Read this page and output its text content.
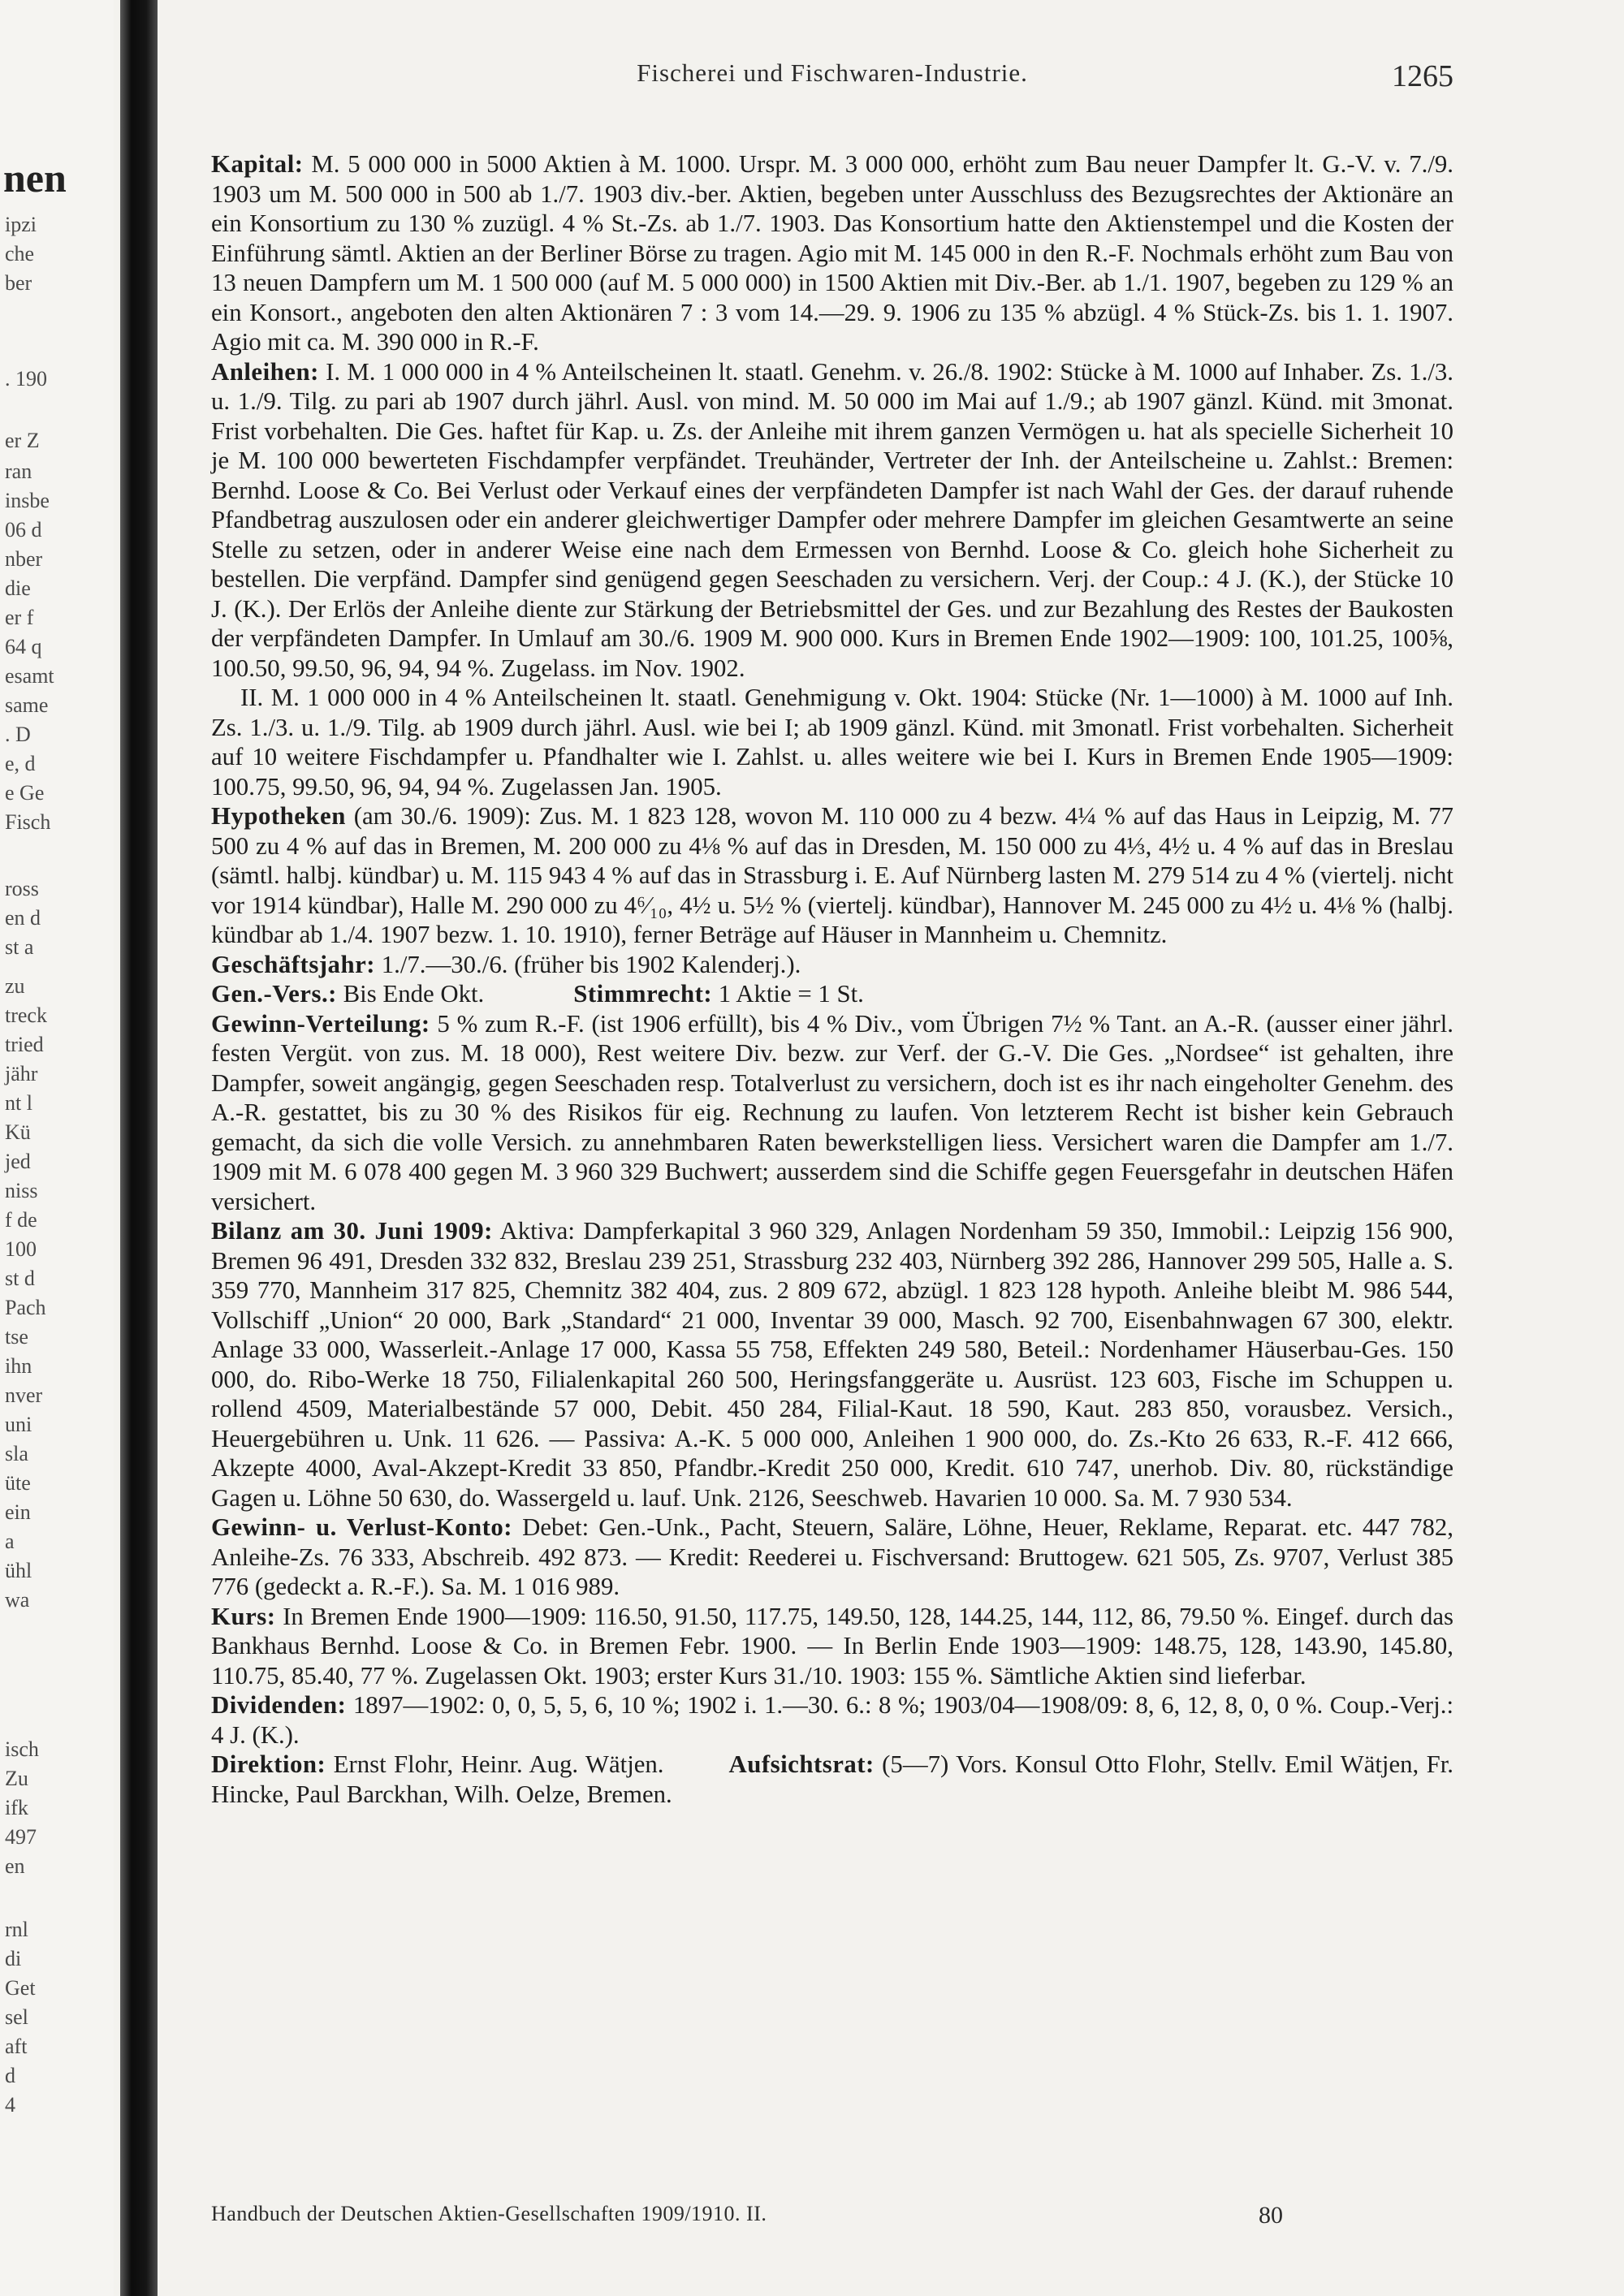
nen
ipzi
che
ber
. 190
er Z
ran
insbe
06 d
nber
die
er f
64 q
esamt
same
. D
e, d
e Ge
Fisch
ross
en d
st a
zu
treck
tried
jähr
nt l
Kü
jed
niss
f de
100
st d
Pach
tse
ihn
nver
uni
sla
üte
ein
a
ühl
wa
isch
Zu
ifk
497
en
rnl
di
Get
sel
aft
d
4
Fischerei und Fischwaren-Industrie.	1265

Kapital: M. 5 000 000 in 5000 Aktien à M. 1000. Urspr. M. 3 000 000, erhöht zum Bau neuer Dampfer lt. G.-V. v. 7./9. 1903 um M. 500 000 in 500 ab 1./7. 1903 div.-ber. Aktien, begeben unter Ausschluss des Bezugsrechtes der Aktionäre an ein Konsortium zu 130 % zuzügl. 4 % St.-Zs. ab 1./7. 1903. Das Konsortium hatte den Aktienstempel und die Kosten der Einführung sämtl. Aktien an der Berliner Börse zu tragen. Agio mit M. 145 000 in den R.-F. Nochmals erhöht zum Bau von 13 neuen Dampfern um M. 1 500 000 (auf M. 5 000 000) in 1500 Aktien mit Div.-Ber. ab 1./1. 1907, begeben zu 129 % an ein Konsort., angeboten den alten Aktionären 7 : 3 vom 14.—29. 9. 1906 zu 135 % abzügl. 4 % Stück-Zs. bis 1. 1. 1907. Agio mit ca. M. 390 000 in R.-F.

Anleihen: I. M. 1 000 000 in 4 % Anteilscheinen lt. staatl. Genehm. v. 26./8. 1902: Stücke à M. 1000 auf Inhaber. Zs. 1./3. u. 1./9. Tilg. zu pari ab 1907 durch jährl. Ausl. von mind. M. 50 000 im Mai auf 1./9.; ab 1907 gänzl. Künd. mit 3monat. Frist vorbehalten. Die Ges. haftet für Kap. u. Zs. der Anleihe mit ihrem ganzen Vermögen u. hat als specielle Sicherheit 10 je M. 100 000 bewerteten Fischdampfer verpfändet. Treuhänder, Vertreter der Inh. der Anteilscheine u. Zahlst.: Bremen: Bernhd. Loose & Co. Bei Verlust oder Verkauf eines der verpfändeten Dampfer ist nach Wahl der Ges. der darauf ruhende Pfandbetrag auszulosen oder ein anderer gleichwertiger Dampfer oder mehrere Dampfer im gleichen Gesamtwerte an seine Stelle zu setzen, oder in anderer Weise eine nach dem Ermessen von Bernhd. Loose & Co. gleich hohe Sicherheit zu bestellen. Die verpfänd. Dampfer sind genügend gegen Seeschaden zu versichern. Verj. der Coup.: 4 J. (K.), der Stücke 10 J. (K.). Der Erlös der Anleihe diente zur Stärkung der Betriebsmittel der Ges. und zur Bezahlung des Restes der Baukosten der verpfändeten Dampfer. In Umlauf am 30./6. 1909 M. 900 000. Kurs in Bremen Ende 1902—1909: 100, 101.25, 100⅝, 100.50, 99.50, 96, 94, 94 %. Zugelass. im Nov. 1902.

II. M. 1 000 000 in 4 % Anteilscheinen lt. staatl. Genehmigung v. Okt. 1904: Stücke (Nr. 1—1000) à M. 1000 auf Inh. Zs. 1./3. u. 1./9. Tilg. ab 1909 durch jährl. Ausl. wie bei I; ab 1909 gänzl. Künd. mit 3monatl. Frist vorbehalten. Sicherheit auf 10 weitere Fischdampfer u. Pfandhalter wie I. Zahlst. u. alles weitere wie bei I. Kurs in Bremen Ende 1905—1909: 100.75, 99.50, 96, 94, 94 %. Zugelassen Jan. 1905.

Hypotheken (am 30./6. 1909): Zus. M. 1 823 128, wovon M. 110 000 zu 4 bezw. 4¼ % auf das Haus in Leipzig, M. 77 500 zu 4 % auf das in Bremen, M. 200 000 zu 4⅛ % auf das in Dresden, M. 150 000 zu 4⅓, 4½ u. 4 % auf das in Breslau (sämtl. halbj. kündbar) u. M. 115 943 4 % auf das in Strassburg i. E. Auf Nürnberg lasten M. 279 514 zu 4 % (viertelj. nicht vor 1914 kündbar), Halle M. 290 000 zu 4⁶⁄₁₀, 4½ u. 5½ % (viertelj. kündbar), Hannover M. 245 000 zu 4½ u. 4⅛ % (halbj. kündbar ab 1./4. 1907 bezw. 1. 10. 1910), ferner Beträge auf Häuser in Mannheim u. Chemnitz.

Geschäftsjahr: 1./7.—30./6. (früher bis 1902 Kalenderj.).

Gen.-Vers.: Bis Ende Okt.	Stimmrecht: 1 Aktie = 1 St.

Gewinn-Verteilung: 5 % zum R.-F. (ist 1906 erfüllt), bis 4 % Div., vom Übrigen 7½ % Tant. an A.-R. (ausser einer jährl. festen Vergüt. von zus. M. 18 000), Rest weitere Div. bezw. zur Verf. der G.-V. Die Ges. „Nordsee“ ist gehalten, ihre Dampfer, soweit angängig, gegen Seeschaden resp. Totalverlust zu versichern, doch ist es ihr nach eingeholter Genehm. des A.-R. gestattet, bis zu 30 % des Risikos für eig. Rechnung zu laufen. Von letzterem Recht ist bisher kein Gebrauch gemacht, da sich die volle Versich. zu annehmbaren Raten bewerkstelligen liess. Versichert waren die Dampfer am 1./7. 1909 mit M. 6 078 400 gegen M. 3 960 329 Buchwert; ausserdem sind die Schiffe gegen Feuersgefahr in deutschen Häfen versichert.

Bilanz am 30. Juni 1909: Aktiva: Dampferkapital 3 960 329, Anlagen Nordenham 59 350, Immobil.: Leipzig 156 900, Bremen 96 491, Dresden 332 832, Breslau 239 251, Strassburg 232 403, Nürnberg 392 286, Hannover 299 505, Halle a. S. 359 770, Mannheim 317 825, Chemnitz 382 404, zus. 2 809 672, abzügl. 1 823 128 hypoth. Anleihe bleibt M. 986 544, Vollschiff „Union“ 20 000, Bark „Standard“ 21 000, Inventar 39 000, Masch. 92 700, Eisenbahnwagen 67 300, elektr. Anlage 33 000, Wasserleit.-Anlage 17 000, Kassa 55 758, Effekten 249 580, Beteil.: Nordenhamer Häuserbau-Ges. 150 000, do. Ribo-Werke 18 750, Filialenkapital 260 500, Heringsfanggeräte u. Ausrüst. 123 603, Fische im Schuppen u. rollend 4509, Materialbestände 57 000, Debit. 450 284, Filial-Kaut. 18 590, Kaut. 283 850, vorausbez. Versich., Heuergebühren u. Unk. 11 626. — Passiva: A.-K. 5 000 000, Anleihen 1 900 000, do. Zs.-Kto 26 633, R.-F. 412 666, Akzepte 4000, Aval-Akzept-Kredit 33 850, Pfandbr.-Kredit 250 000, Kredit. 610 747, unerhob. Div. 80, rückständige Gagen u. Löhne 50 630, do. Wassergeld u. lauf. Unk. 2126, Seeschweb. Havarien 10 000. Sa. M. 7 930 534.

Gewinn- u. Verlust-Konto: Debet: Gen.-Unk., Pacht, Steuern, Saläre, Löhne, Heuer, Reklame, Reparat. etc. 447 782, Anleihe-Zs. 76 333, Abschreib. 492 873. — Kredit: Reederei u. Fischversand: Bruttogew. 621 505, Zs. 9707, Verlust 385 776 (gedeckt a. R.-F.). Sa. M. 1 016 989.

Kurs: In Bremen Ende 1900—1909: 116.50, 91.50, 117.75, 149.50, 128, 144.25, 144, 112, 86, 79.50 %. Eingef. durch das Bankhaus Bernhd. Loose & Co. in Bremen Febr. 1900. — In Berlin Ende 1903—1909: 148.75, 128, 143.90, 145.80, 110.75, 85.40, 77 %. Zugelassen Okt. 1903; erster Kurs 31./10. 1903: 155 %. Sämtliche Aktien sind lieferbar.

Dividenden: 1897—1902: 0, 0, 5, 5, 6, 10 %; 1902 i. 1.—30. 6.: 8 %; 1903/04—1908/09: 8, 6, 12, 8, 0, 0 %. Coup.-Verj.: 4 J. (K.).

Direktion: Ernst Flohr, Heinr. Aug. Wätjen.	Aufsichtsrat: (5—7) Vors. Konsul Otto Flohr, Stellv. Emil Wätjen, Fr. Hincke, Paul Barckhan, Wilh. Oelze, Bremen.

Handbuch der Deutschen Aktien-Gesellschaften 1909/1910. II.	80
